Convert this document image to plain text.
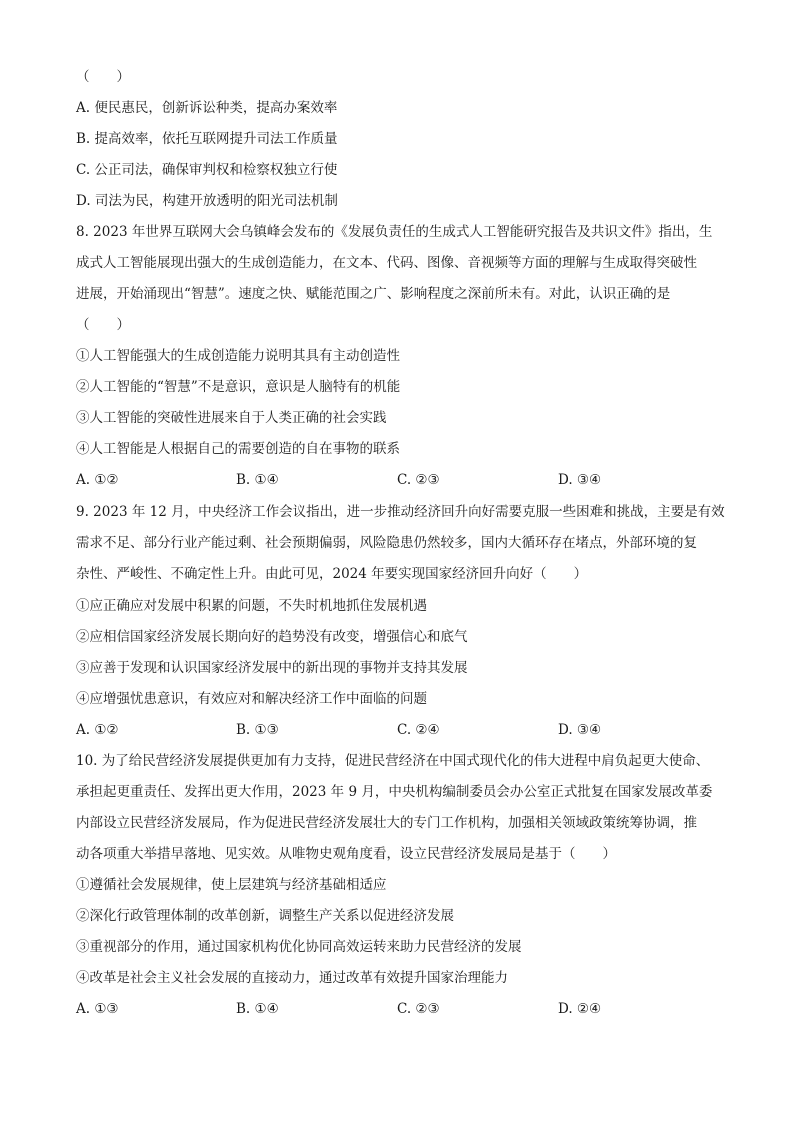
（　　）
A. 便民惠民，创新诉讼种类，提高办案效率
B. 提高效率，依托互联网提升司法工作质量
C. 公正司法，确保审判权和检察权独立行使
D. 司法为民，构建开放透明的阳光司法机制
8. 2023 年世界互联网大会乌镇峰会发布的《发展负责任的生成式人工智能研究报告及共识文件》指出，生
成式人工智能展现出强大的生成创造能力，在文本、代码、图像、音视频等方面的理解与生成取得突破性
进展，开始涌现出“智慧”。速度之快、赋能范围之广、影响程度之深前所未有。对此，认识正确的是
（　　）
①人工智能强大的生成创造能力说明其具有主动创造性
②人工智能的“智慧”不是意识，意识是人脑特有的机能
③人工智能的突破性进展来自于人类正确的社会实践
④人工智能是人根据自己的需要创造的自在事物的联系
A. ①②	B. ①④	C. ②③	D. ③④
9. 2023 年 12 月，中央经济工作会议指出，进一步推动经济回升向好需要克服一些困难和挑战，主要是有效
需求不足、部分行业产能过剩、社会预期偏弱，风险隐患仍然较多，国内大循环存在堵点，外部环境的复
杂性、严峻性、不确定性上升。由此可见，2024 年要实现国家经济回升向好（　　）
①应正确应对发展中积累的问题，不失时机地抓住发展机遇
②应相信国家经济发展长期向好的趋势没有改变，增强信心和底气
③应善于发现和认识国家经济发展中的新出现的事物并支持其发展
④应增强忧患意识，有效应对和解决经济工作中面临的问题
A. ①②	B. ①③	C. ②④	D. ③④
10. 为了给民营经济发展提供更加有力支持，促进民营经济在中国式现代化的伟大进程中肩负起更大使命、
承担起更重责任、发挥出更大作用，2023 年 9 月，中央机构编制委员会办公室正式批复在国家发展改革委
内部设立民营经济发展局，作为促进民营经济发展壮大的专门工作机构，加强相关领域政策统筹协调，推
动各项重大举措早落地、见实效。从唯物史观角度看，设立民营经济发展局是基于（　　）
①遵循社会发展规律，使上层建筑与经济基础相适应
②深化行政管理体制的改革创新，调整生产关系以促进经济发展
③重视部分的作用，通过国家机构优化协同高效运转来助力民营经济的发展
④改革是社会主义社会发展的直接动力，通过改革有效提升国家治理能力
A. ①③	B. ①④	C. ②③	D. ②④
